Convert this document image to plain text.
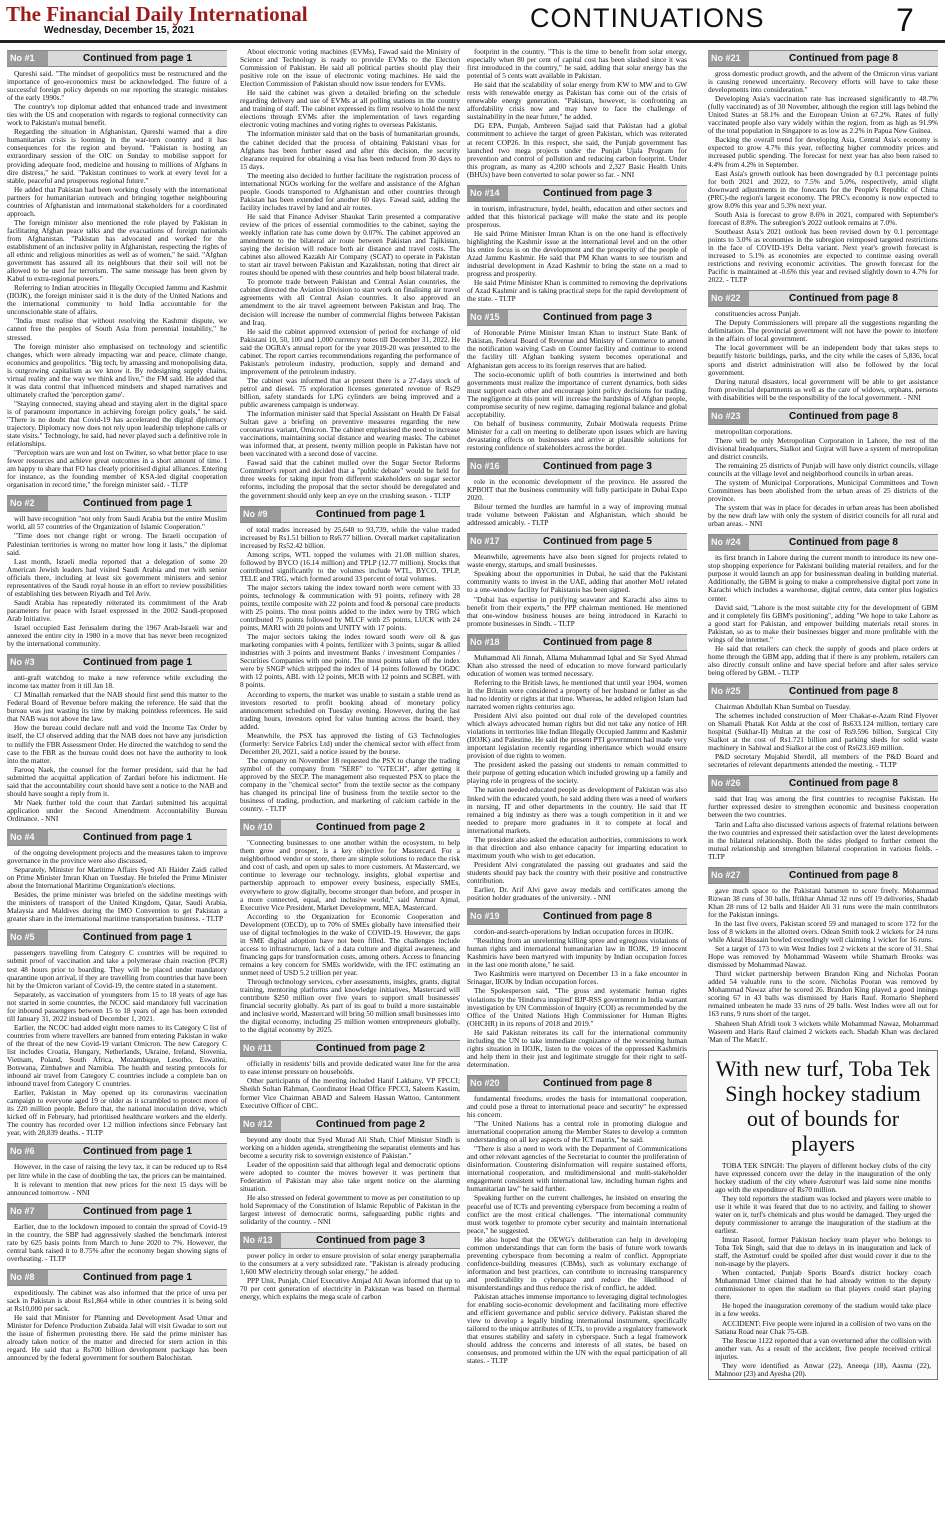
The Financial Daily International
Wednesday, December 15, 2021	CONTINUATIONS	7
No #1	Continued from page 1

Qureshi said. "The mindset of geopolitics must be restructured and the importance of geo-economics must be acknowledged. The future of a successful foreign policy depends on our reporting the strategic mistakes of the early 1990s."

The country's top diplomat added that enhanced trade and investment ties with the US and cooperation with regards to regional connectivity can work to Pakistan's mutual benefit.

Regarding the situation in Afghanistan, Qureshi warned that a dire humanitarian crisis is looming in the war-torn country and it has consequences for the region and beyond. "Pakistan is hosting an extraordinary session of the OIC on Sunday to mobilise support for providing adequate food, medicine and housing to millions of Afghans in dire distress," he said. "Pakistan continues to work at every level for a stable, peaceful and prosperous regional future."

He added that Pakistan had been working closely with the international partners for humanitarian outreach and bringing together neighbouring countries of Afghanistan and international stakeholders for a coordinated approach.

The foreign minister also mentioned the role played by Pakistan in facilitating Afghan peace talks and the evacuations of foreign nationals from Afghanistan. "Pakistan has advocated and worked for the establishment of an inclusive polity in Afghanistan, respecting the rights of all ethnic and religious minorities as well as of women," he said. "Afghan government has assured all its neighbours that their soil will not be allowed to be used for terrorism. The same message has been given by Kabul to extra-regional powers."

Referring to Indian atrocities in Illegally Occupied Jammu and Kashmir (IIOJK), the foreign minister said it is the duty of the United Nations and the international community to hold India accountable for the unconscionable state of affairs.

"India must realise that without resolving the Kashmir dispute, we cannot free the peoples of South Asia from perennial instability," he stressed.

The foreign minister also emphasised on technology and scientific changes, which were already impacting war and peace, climate change, economics and geopolitics. "Big tech, by amassing and monopolising data, is outgrowing capitalism as we know it. By redesigning supply chains, virtual reality and the way we think and live," the FM said. He added that it was data control that influenced mindsets and shaped narratives and ultimately crafted the 'perception game'.

"Staying connected, staying ahead and staying alert in the digital space is of paramount importance in achieving foreign policy goals," he said. "There is no doubt that Covid-19 has accelerated the digital diplomacy trajectory. Diplomacy now does not rely upon leadership telephone calls or state visits." Technology, he said, had never played such a definitive role in relationships.

"Perception wars are won and lost on Twitter, so what better place to use fewer resources and achieve great outcomes in a short amount of time. I am happy to share that FO has clearly prioritised digital alliances. Entering for instance, as the founding member of KSA-led digital cooperation organisation in record time," the foreign minister said. - TLTP

No #2	Continued from page 1

will have recognition "not only from Saudi Arabia but the entire Muslim world, all 57 countries of the Organization of Islamic Cooperation."

"Time does not change right or wrong. The Israeli occupation of Palestinian territories is wrong no matter how long it lasts," the diplomat said.

Last month, Israeli media reported that a delegation of some 20 American Jewish leaders had visited Saudi Arabia and met with senior officials there, including at least six government ministers and senior representatives of the Saudi royal house in an effort to review possibilities of establishing ties between Riyadh and Tel Aviv.

Saudi Arabia has repeatedly reiterated its commitment of the Arab parameters for peace with Israel expressed in the 2002 Saudi-proposed Arab Initiative.

Israel occupied East Jerusalem during the 1967 Arab-Israeli war and annexed the entire city in 1980 in a move that has never been recognized by the international community.

No #3	Continued from page 1

anti-graft watchdog to make a new reference while excluding the income tax matter from it till Jan 18.

CJ Minallah remarked that the NAB should first send this matter to the Federal Board of Revenue before making the reference. He said that the bureau was just wasting its time by making pointless references. He said that NAB was not above the law.

How the bureau could declare null and void the Income Tax Order by itself, the CJ observed adding that the NAB does not have any jurisdiction to nullify the FBR Assessment Order. He directed the watchdog to send the case to the FBR as the bureau could does not have the authority to look into the matter.

Farooq Naek, the counsel for the former president, said that he had submitted the acquittal application of Zardari before his indictment. He said that the accountability court should have sent a notice to the NAB and should have sought a reply from it.

Mr Naek further told the court that Zardari submitted his acquittal application under the Second Amendment Accountability Bureau Ordinance. - NNI

No #4	Continued from page 1

of the ongoing development projects and the measures taken to improve governance in the province were also discussed.

Separately, Minister for Maritime Affairs Syed Ali Haider Zaidi called on Prime Minister Imran Khan on Tuesday. He briefed the Prime Minister about the International Maritime Organization's elections.

Besides, the prime minister was briefed on the sideline meetings with the ministers of transport of the United Kingdom, Qatar, Saudi Arabia, Malaysia and Maldives during the IMO Convention to get Pakistan a greater share in the international maritime transportation business. - TLTP

No #5	Continued from page 1

passengers travelling from Category C countries will be required to submit proof of vaccination and take a polymerase chain reaction (PCR) test 48 hours prior to boarding. They will be placed under mandatory quarantine upon arrival, if they are travelling from countries that have been hit by the Omicron variant of Covid-19, the centre stated in a statement.

Separately, as vaccination of youngsters from 15 to 18 years of age has not started in some countries, the NCOC said mandatory full vaccination for inbound passengers between 15 to 18 years of age has been extended till January 31, 2022 instead of December 1, 2021.

Earlier, the NCOC had added eight more names to its Category C list of countries from where travellers are banned from entering Pakistan in wake of the threat of the new Covid-19 variant Omicron. The new Category C list includes Croatia, Hungary, Netherlands, Ukraine, Ireland, Slovenia, Vietnam, Poland, South Africa, Mozambique, Lesotho, Eswatini, Botswana, Zimbabwe and Namibia. The health and testing protocols for inbound air travel from Category C countries include a complete ban on inbound travel from Category C countries.

Earlier, Pakistan in May opened up its coronavirus vaccination campaign to everyone aged 19 or older as it scrambled to protect more of its 220 million people. Before that, the national inoculation drive, which kicked off in February, had prioritised healthcare workers and the elderly. The country has recorded over 1.2 million infections since February last year, with 28,839 deaths. - TLTP

No #6	Continued from page 1

However, in the case of raising the levy tax, it can be reduced up to Rs4 per litre while in the case of doubling the tax, the prices can be maintained.

It is relevant to mention that new prices for the next 15 days will be announced tomorrow. - NNI

No #7	Continued from page 1

Earlier, due to the lockdown imposed to contain the spread of Covid-19 in the country, the SBP had aggressively slashed the benchmark interest rate by 625 basis points from March to June 2020 to 7%. However, the central bank raised it to 8.75% after the economy began showing signs of overheating. - TLTP

No #8	Continued from page 1

expeditiously. The cabinet was also informed that the price of urea per sack in Pakistan is about Rs1,864 while in other countries it is being sold at Rs10,000 per sack.

He said that Minister for Planning and Development Asad Umar and Minister for Defence Production Zubaida Jalal will visit Gwadar to sort out the issue of fishermen protesting there. He said the prime minister has already taken notice of the matter and directed for stern action in this regard. He said that a Rs700 billion development package has been announced by the federal government for southern Balochistan.

About electronic voting machines (EVMs), Fawad said the Ministry of Science and Technology is ready to provide EVMs to the Election Commission of Pakistan. He said all political parties should play their positive role on the issue of electronic voting machines. He said the Election Commission of Pakistan should now issue tenders for EVMs.

He said the cabinet was given a detailed briefing on the schedule regarding delivery and use of EVMs at all polling stations in the country and training of staff. The cabinet expressed its firm resolve to hold the next elections through EVMs after the implementation of laws regarding electronic voting machines and voting rights to overseas Pakistanis.

The information minister said that on the basis of humanitarian grounds, the cabinet decided that the process of obtaining Pakistani visas for Afghans has been further eased and after this decision, the security clearance required for obtaining a visa has been reduced from 30 days to 15 days.

The meeting also decided to further facilitate the registration process of international NGOs working for the welfare and assistance of the Afghan people. Goods transported to Afghanistan and other countries through Pakistan has been extended for another 60 days. Fawad said, adding the facility includes travel by land and air routes.

He said that Finance Adviser Shaukat Tarin presented a comparative review of the prices of essential commodities to the cabinet, saying the weekly inflation rate has come down by 0.07%. The cabinet approved an amendment to the bilateral air route between Pakistan and Tajikistan, saying the decision will reduce both air distance and travel costs. The cabinet also allowed Kazakh Air Company (SCAT) to operate in Pakistan to start air travel between Pakistan and Kazakhstan, noting that direct air routes should be opened with these countries and help boost bilateral trade.

To promote trade between Pakistan and Central Asian countries, the cabinet directed the Aviation Division to start work on finalising air travel agreements with all Central Asian countries. It also approved an amendment to the air travel agreement between Pakistan and Iraq. The decision will increase the number of commercial flights between Pakistan and Iraq.

He said the cabinet approved extension of period for exchange of old Pakistani 10, 50, 100 and 1,000 currency notes till December 31, 2022. He said the OGRA's annual report for the year 2019-20 was presented to the cabinet. The report carries recommendations regarding the performance of Pakistan's petroleum industry, production, supply and demand and improvement of the petroleum industry.

The cabinet was informed that at present there is a 27-days stock of petrol and diesel. 75 exploration licenses generated revenue of Rs29 billion, safety standards for LPG cylinders are being improved and a public awareness campaign is underway.

The information minister said that Special Assistant on Health Dr Faisal Sultan gave a briefing on preventive measures regarding the new coronavirus variant, Omicron. The cabinet emphasised the need to increase vaccinations, maintaining social distance and wearing masks. The cabinet was informed that, at present, twenty million people in Pakistan have not been vaccinated with a second dose of vaccine.

Fawad said that the cabinet mulled over the Sugar Sector Reforms Committee's report and decided that a "public debate" would be held for three weeks for taking input from different stakeholders on sugar sector reforms, including the proposal that the sector should be deregulated and the government should only keep an eye on the crushing season. - TLTP

No #9	Continued from page 1

of total trades increased by 25,648 to 93,739, while the value traded increased by Rs1.51 billion to Rs6.77 billion. Overall market capitalization increased by Rs52.42 billion.

Among scrips, WTL topped the volumes with 21.08 million shares, followed by BYCO (16.14 million) and TPLP (12.77 million). Stocks that contributed significantly to the volumes include WTL, BYCO, TPLP, TELE and TRG, which formed around 33 percent of total volumes.

The major sectors taking the index toward north were cement with 33 points, technology & communication with 91 points, refinery with 28 points, textile composite with 22 points and food & personal care products with 25 points. The most points added to the index were by TRG which contributed 75 points followed by MLCF with 25 points, LUCK with 24 points, MARI with 20 points and UNITY with 17 points.

The major sectors taking the index toward south were oil & gas marketing companies with 4 points, fertilizer with 3 points, sugar & allied industries with 3 points and investment Banks / investment Companies / Securities Companies with one point. The most points taken off the index were by SNGP which stripped the index of 14 points followed by OGDC with 12 points, ABL with 12 points, MCB with 12 points and SCBPL with 8 points.

According to experts, the market was unable to sustain a stable trend as investors resorted to profit booking ahead of monetary policy announcement scheduled on Tuesday evening. However, during the last trading hours, investors opted for value hunting across the board, they added.

Meanwhile, the PSX has approved the listing of G3 Technologies (formerly: Service Fabrics Ltd) under the chemical sector with effect from December 20, 2021, said a notice issued by the bourse.

The company on November 18 requested the PSX to change the trading symbol of the company from "SERF" to "GTECH", after getting it approved by the SECP. The management also requested PSX to place the company in the "chemical sector" from the textile sector as the company has changed its principal line of business from the textile sector to the business of trading, production, and marketing of calcium carbide in the country. - TLTP

No #10	Continued from page 2

"Connecting businesses to one another within the ecosystem, to help them grow and prosper, is a key objective for Mastercard. For a neighborhood vendor or store, there are simple solutions to reduce the risk and cost of cash, and open up sales to more customers. At Mastercard, we continue to leverage our technology, insights, global expertise and partnership approach to empower every business, especially SMEs, everywhere to grow digitally, become stronger than before, and prosper in a more connected, equal, and inclusive world," said Ammar Ajmal, Executive Vice President, Market Development, MEA, Mastercard.

According to the Organization for Economic Cooperation and Development (OECD), up to 70% of SMEs globally have intensified their use of digital technologies in the wake of COVID-19. However, the gaps in SME digital adoption have not been filled. The challenges include access to infrastructure, lack of a data culture and digital awareness, and financing gaps for transformation costs, among others. Access to financing remains a key concern for SMEs worldwide, with the IFC estimating an unmet need of USD 5.2 trillion per year.

Through technology services, cyber assessments, insights, grants, digital training, mentoring platforms and knowledge initiatives, Mastercard will contribute $250 million over five years to support small businesses' financial security globally. As part of its goal to build a more sustainable and inclusive world, Mastercard will bring 50 million small businesses into the digital economy, including 25 million women entrepreneurs globally, to the digital economy by 2025.

No #11	Continued from page 2

officially in residents' bills and provide dedicated water line for the area to ease intense pressure on households.

Other participants of the meeting included Hanif Lakhany, VP FPCCI; Sheikh Sultan Rahman, Coordinator Head Office FPCCI, Saleem Kassim, former Vice Chairman ABAD and Saleem Hassan Wattoo, Cantonment Executive Officer of CBC.

No #12	Continued from page 2

beyond any doubt that Syed Murad Ali Shah, Chief Minister Sindh is working on a hidden agenda, strengthening the separatist elements and has become a security risk to sovereign existence of Pakistan."

Leader of the opposition said that although legal and democratic options were adopted to counter the moves however it was pertinent that Federation of Pakistan may also take urgent notice on the alarming situation.

He also stressed on federal government to move as per constitution to up hold Supremacy of the Constitution of Islamic Republic of Pakistan in the largest interest of democratic norms, safeguarding public rights and solidarity of the country. - NNI

No #13	Continued from page 3

power policy in order to ensure provision of solar energy paraphernalia to the consumers at a very subsidized rate. "Pakistan is already producing 1,600 MW electricity through solar energy," he added.

PPP Unit, Punjab, Chief Executive Amjad Ali Awan informed that up to 70 per cent generation of electricity in Pakistan was based on thermal energy, which explains the mega scale of carbon

footprint in the country. "This is the time to benefit from solar energy, especially when 80 per cent of capital cost has been slashed since it was first introduced in the country," he said, adding that solar energy has the potential of 5 cents watt available in Pakistan.

He said that the scalability of solar energy from KW to MW and to GW rests with renewable energy as Pakistan has come out of the crisis of renewable energy generation. "Pakistan, however, is confronting an affordability crisis now and may have to face the challenge of sustainability in the near future," he added.

DG EPA, Punjab, Ambreen Sajjad said that Pakistan had a global commitment to achieve the target of green Pakistan, which was reiterated at recent COP26. In this respect, she said, the Punjab government has launched two mega projects under the Punjab Ujala Program for prevention and control of pollution and reducing carbon footprint. Under this program, as many as 4,200 schools and 2,327 Basic Health Units (BHUs) have been converted to solar power so far. - NNI

No #14	Continued from page 3

in tourism, infrastructure, hydel, health, education and other sectors and added that this historical package will make the state and its people prosperous.

He said Prime Minister Imran Khan is on the one hand is effectively highlighting the Kashmir issue at the international level and on the other his entire focus is on the development and the prosperity of the people of Azad Jammu Kashmir. He said that PM Khan wants to see tourism and industrial development in Azad Kashmir to bring the state on a road to progress and prosperity.

He said Prime Minister Khan is committed to removing the deprivations of Azad Kashmir and is taking practical steps for the rapid development of the state. - TLTP

No #15	Continued from page 3

of Honorable Prime Minister Imran Khan to instruct State Bank of Pakistan, Federal Board of Revenue and Ministry of Commerce to amend the notification waiving Cash on Counter facility and continue to extend the facility till Afghan banking system becomes operational and Afghanistan gets access to its foreign reserves that are halted.

The socio-economic uplift of both countries is intertwined and both governments must realize the importance of current dynamics, both sides must support each other and encourage joint policy decisions for trading. The negligence at this point will increase the hardships of Afghan people, compromise security of new regime, damaging regional balance and global acceptability.

On behalf of business community, Zubair Motiwala requests Prime Minister for a call on meeting to deliberate upon issues which are having devastating effects on businesses and arrive at plausible solutions for restoring confidence of stakeholders across the border.

No #16	Continued from page 3

role in the economic development of the province. He assured the KPBOIT that the business community will fully participate in Dubai Expo 2020.

Bilour termed the hurdles are harmful in a way of improving mutual trade volume between Pakistan and Afghanistan, which should be addressed amicably. - TLTP

No #17	Continued from page 5

Meanwhile, agreements have also been signed for projects related to waste energy, startups, and small businesses.

Speaking about the opportunities in Dubai, he said that the Pakistani community wants to invest in the UAE, adding that another MoU related to a one-window facility for Pakistanis has been signed.

"Dubai has expertise in purifying seawater and Karachi also aims to benefit from their experts," the PPP chairman mentioned. He mentioned that one-window business houses are being introduced in Karachi to promote businesses in Sindh. - TLTP

No #18	Continued from page 8

Muhammad Ali Jinnah, Allama Muhammad Iqbal and Sir Syed Ahmad Khan also stressed the need of education to move forward particularly education of women was termed necessary.

Referring to the British laws, he mentioned that until year 1904, women in the Britain were considered a property of her husband or father as she had no identity or rights at that time. Whereas, he added religion Islam had narrated women rights centuries ago.

President Alvi also pointed out dual role of the developed countries which always advocated human rights but did not take any notice of HR violations in territories like Indian Illegally Occupied Jammu and Kashmir (IIOJK) and Palestine. He said the present PTI government had made very important legislation recently regarding inheritance which would ensure provision of due rights to women.

The president asked the passing out students to remain committed to their purpose of getting education which included growing up a family and playing role in progress of the society.

The nation needed educated people as development of Pakistan was also linked with the educated youth, he said adding there was a need of workers in nursing, IT and other departments in the country. He said that IT remained a big industry as there was a tough competition in it and we needed to prepare more graduates in it to compete at local and international markets.

The president also asked the education authorities, commissions to work in that direction and also enhance capacity for imparting education to maximum youth who wish to get education.

President Alvi congratulated the passing out graduates and said the students should pay back the country with their positive and constructive contribution.

Earlier, Dr. Arif Alvi gave away medals and certificates among the position holder graduates of the university. - NNI

No #19	Continued from page 8

cordon-and-search-operations by Indian occupation forces in IIOJK.

"Resulting from an unrelenting killing spree and egregious violations of human rights and international humanitarian law in IIOJK, 19 innocent Kashmiris have been martyred with impunity by Indian occupation forces in the last one month alone," he said.

Two Kashmiris were martyred on December 13 in a fake encounter in Srinagar, IIOJK by Indian occupation forces.

The Spokesperson said, "The gross and systematic human rights violations by the 'Hindutva inspired' BJP-RSS government in India warrant investigation by UN Commission of Inquiry (COI) as recommended by the Office of the United Nations High Commissioner for Human Rights (OHCHR) in its reports of 2018 and 2019."

He said Pakistan reiterates its call for the international community including the UN to take immediate cognizance of the worsening human rights situation in IIOJK, listen to the voices of the oppressed Kashmiris and help them in their just and legitimate struggle for their right to self-determination.

No #20	Continued from page 8

fundamental freedoms, erodes the basis for international cooperation, and could pose a threat to international peace and security" he expressed his concern.

"The United Nations has a central role in promoting dialogue and international cooperation among the Member States to develop a common understanding on all key aspects of the ICT matrix," he said.

"There is also a need to work with the Department of Communications and other relevant agencies of the Secretariat to counter the proliferation of disinformation. Countering disinformation will require sustained efforts, international cooperation, and multidimensional and multi-stakeholder engagement consistent with international law, including human rights and humanitarian law" he said further.

Speaking further on the current challenges, he insisted on ensuring the peaceful use of ICTs and preventing cyberspace from becoming a realm of conflict are the most critical challenges. "The international community must work together to promote cyber security and maintain international peace," he suggested.

He also hoped that the OEWG's deliberation can help in developing common understandings that can form the basis of future work towards preventing cyberspace from becoming a realm of conflict. Appropriate confidence-building measures (CBMs), such as voluntary exchange of information and best practices, can contribute to increasing transparency and predictability in cyberspace and reduce the likelihood of misunderstandings and thus reduce the risk of conflict, he added.

Pakistan attaches immense importance to leveraging digital technologies for enabling socio-economic development and facilitating more effective and efficient governance and public service delivery. Pakistan shared the view to develop a legally binding international instrument, specifically tailored to the unique attributes of ICTs, to provide a regulatory framework that ensures stability and safety in cyberspace. Such a legal framework should address the concerns and interests of all states, be based on consensus, and promoted within the UN with the equal participation of all states. - TLTP

No #21	Continued from page 8

gross domestic product growth, and the advent of the Omicron virus variant is causing renewed uncertainty. Recovery efforts will have to take these developments into consideration."

Developing Asia's vaccination rate has increased significantly to 48.7% (fully vaccinated) as of 30 November, although the region still lags behind the United States at 58.1% and the European Union at 67.2%. Rates of fully vaccinated people also vary widely within the region, from as high as 91.9% of the total population in Singapore to as low as 2.2% in Papua New Guinea.

Backing the overall trend for developing Asia, Central Asia's economy is expected to grow 4.7% this year, reflecting higher commodity prices and increased public spending. The forecast for next year has also been raised to 4.4% from 4.2% in September.

East Asia's growth outlook has been downgraded by 0.1 percentage points for both 2021 and 2022, to 7.5% and 5.0%, respectively, amid slight downward adjustments in the forecasts for the People's Republic of China (PRC)-the region's largest economy. The PRC's economy is now expected to grow 8.0% this year and 5.3% next year.

South Asia is forecast to grow 8.6% in 2021, compared with September's forecast of 8.8%. The subregion's 2022 outlook remains at 7.0%.

Southeast Asia's 2021 outlook has been revised down by 0.1 percentage points to 3.0% as economies in the subregion reimposed targeted restrictions in the face of COVID-19's Delta variant. Next year's growth forecast is increased to 5.1% as economies are expected to continue easing overall restrictions and reviving economic activities. The growth forecast for the Pacific is maintained at -0.6% this year and revised slightly down to 4.7% for 2022. - TLTP

No #22	Continued from page 8

constituencies across Punjab.

The Deputy Commissioners will prepare all the suggestions regarding the delimitation. The provincial government will not have the power to interfere in the affairs of local government.

The local government will be an independent body that takes steps to beautify historic buildings, parks, and the city while the cases of 5,836, local sports and district administration will also be followed by the local government.

During natural disasters, local government will be able to get assistance from provincial departments as well as the care of widows, orphans, persons with disabilities will be the responsibility of the local government. - NNI

No #23	Continued from page 8

metropolitan corporations.

There will be only Metropolitan Corporation in Lahore, the rest of the divisional headquarters, Sialkot and Gujrat will have a system of metropolitan and district councils.

The remaining 25 districts of Punjab will have only district councils, village councils at the village level and neighborhood councils in urban areas.

The system of Municipal Corporations, Municipal Committees and Town Committees has been abolished from the urban areas of 25 districts of the province.

The system that was in place for decades in urban areas has been abolished by the new draft law with only the system of district councils for all rural and urban areas. - NNI

No #24	Continued from page 8

its first branch in Lahore during the current month to introduce its new one-stop shopping experience for Pakistani building material retailers, and for the purpose it would launch an app for businessman dealing in building material. Additionally, the GBM is going to make a comprehensive digital port zone in Karachi which includes a warehouse, digital centre, data center plus logistics center.

David said, "Lahore is the most suitable city for the development of GBM and it completely fits GBM's positioning", adding "We hope to take Lahore as a good start for Pakistan, and empower building materials retail stores in Pakistan, so as to make their businesses bigger and more profitable with the wings of the internet."

He said that retailers can check the supply of goods and place orders at home through the GBM app, adding that if there is any problem, retailers can also directly consult online and have special before and after sales service being offered by GBM. - TLTP

No #25	Continued from page 8

Chairman Abdullah Khan Sumbal on Tuesday.

The schemes included construction of Meer Chakar-e-Azam Rind Flyover on Shamali Phatak Kot Adda at the cost of Rs633.124 million, tertiary care hospital (Sukhar-II) Multan at the cost of Rs9.596 billion, Surgical City Sialkot at the cost of Rs1.721 billion and parking sheds for solid waste machinery in Sahiwal and Sialkot at the cost of Rs623.169 million.

P&D secretary Mujahid Sherdil, all members of the P&D Board and secretaries of relevant departments attended the meeting. - TLTP

No #26	Continued from page 8

said that Iraq was among the first countries to recognise Pakistan. He further expressed desire to strengthen economic and business cooperation between the two countries.

Tarin and Lafta also discussed various aspects of fraternal relations between the two countries and expressed their satisfaction over the latest developments in the bilateral relationship. Both the sides pledged to further cement the mutual relationship and strengthen bilateral cooperation in various fields. - TLTP

No #27	Continued from page 8

gave much space to the Pakistani batsmen to score freely. Mohammad Rizwan 38 runs of 30 balls, Iftikhar Ahmad 32 runs off 19 deliveries, Shadab Khan 28 runs of 12 balls and Haider Ali 31 runs were the main contributors for the Pakistan innings.

In the last five overs, Pakistan scored 59 and managed to score 172 for the loss of 8 wickets in the allotted overs. Odean Smith took 2 wickets for 24 runs while Akeal Hussain bowled exceedingly well claiming 1 wicket for 16 runs.

Set a target of 173 to win West Indies lost 2 wickets at the score of 31. Shai Hope was removed by Mohammad Waseem while Shamarh Brooks was dismissed by Mohammad Nawaz.

Third wicket partnership between Brandon King and Nicholas Pooran added 54 valuable runs to the score. Nicholas Pooran was removed by Mohammad Nawaz after he scored 26. Brandon King played a good innings scoring 67 in 43 balls was dismissed by Haris Rauf. Romario Shepherd remained unbeaten he made 33 runs of 29 balls. West Indies were all out for 163 runs, 9 runs short of the target.

Shaheen Shah Afridi took 3 wickets while Mohammad Nawaz, Mohammad Waseem and Haris Rauf claimed 2 wickets each. Shadab Khan was declared 'Man of The Match'.

With new turf, Toba Tek Singh hockey stadium out of bounds for players

TOBA TEK SINGH: The players of different hockey clubs of the city have expressed concern over the delay in the inauguration of the only hockey stadium of the city where Astroturf was laid some nine months ago with the expenditure of Rs70 million.

They told reporters the stadium was locked and players were unable to use it while it was feared that due to no activity, and failing to shower water on it, turf's chemicals and plus would be damaged. They urged the deputy commissioner to arrange the inauguration of the stadium at the earliest.

Imran Rasool, former Pakistan hockey team player who belongs to Toba Tek Singh, said that due to delays in its inauguration and lack of staff, the Astroturf could be spoiled after dust would cover it due to the non-usage by the players.

When contacted, Punjab Sports Board's district hockey coach Muhammad Umer claimed that he had already written to the deputy commissioner to open the stadium so that players could start playing there.

He hoped the inauguration ceremony of the stadium would take place in a few weeks.

ACCIDENT: Five people were injured in a collision of two vans on the Satiana Road near Chak 75-GB.

The Rescue 1122 reported that a van overturned after the collision with another van. As a result of the accident, five people received critical injuries.

They were identified as Anwar (22), Aneeqa (18), Aasma (22), Mahnoor (23) and Ayesha (20).
